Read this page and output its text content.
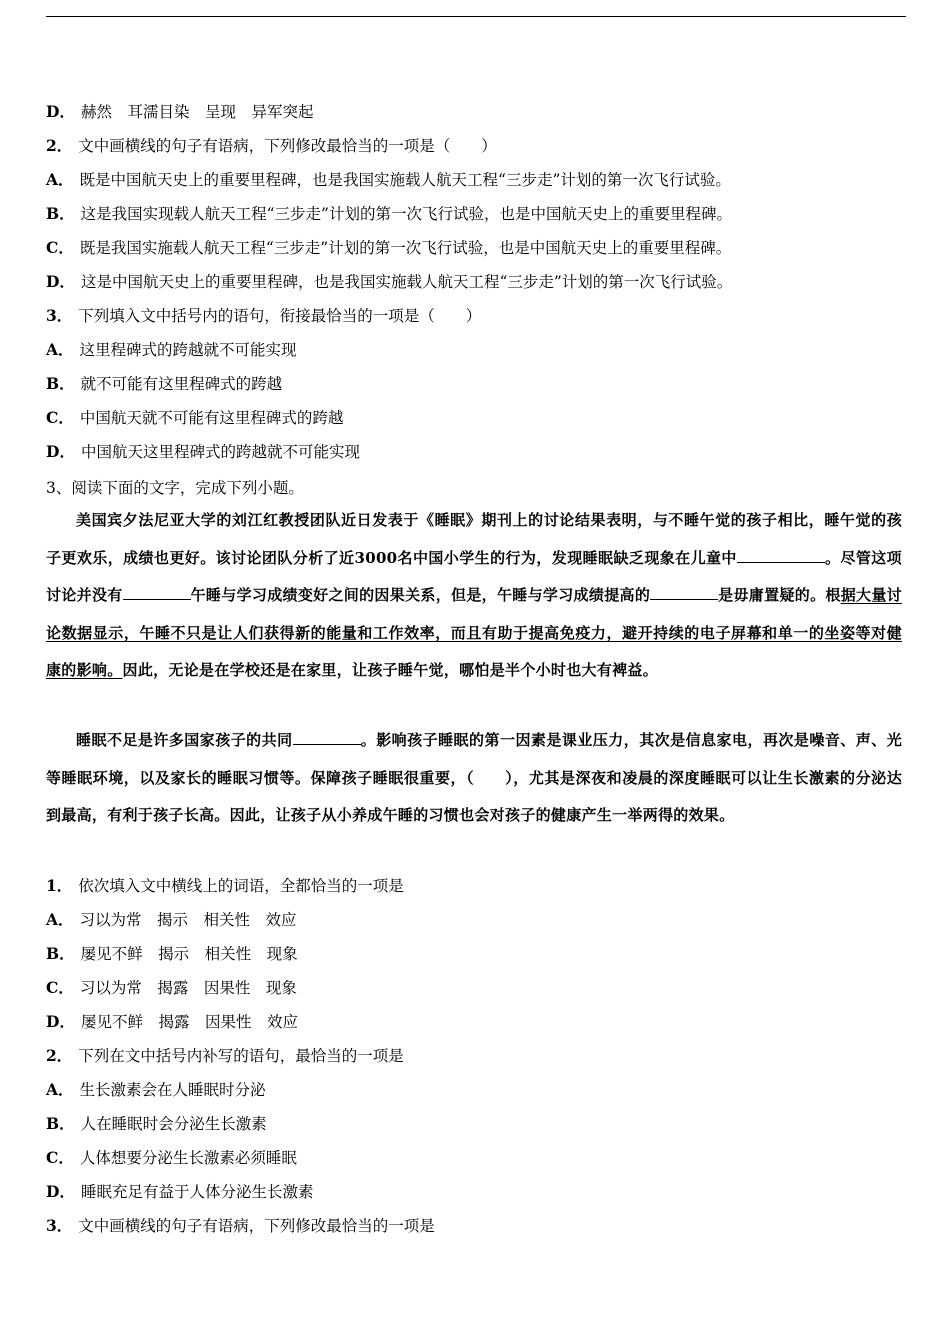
D． 赫然　耳濡目染　呈现　异军突起
2． 文中画横线的句子有语病，下列修改最恰当的一项是（　　）
A． 既是中国航天史上的重要里程碑，也是我国实施载人航天工程“三步走”计划的第一次飞行试验。
B． 这是我国实现载人航天工程“三步走”计划的第一次飞行试验，也是中国航天史上的重要里程碑。
C． 既是我国实施载人航天工程“三步走”计划的第一次飞行试验，也是中国航天史上的重要里程碑。
D． 这是中国航天史上的重要里程碑，也是我国实施载人航天工程“三步走”计划的第一次飞行试验。
3． 下列填入文中括号内的语句，衔接最恰当的一项是（　　）
A． 这里程碑式的跨越就不可能实现
B． 就不可能有这里程碑式的跨越
C． 中国航天就不可能有这里程碑式的跨越
D． 中国航天这里程碑式的跨越就不可能实现
3、阅读下面的文字，完成下列小题。
美国宾夕法尼亚大学的刘江红教授团队近日发表于《睡眠》期刊上的讨论结果表明，与不睡午觉的孩子相比，睡午觉的孩子更欢乐，成绩也更好。该讨论团队分析了近3000名中国小学生的行为，发现睡眠缺乏现象在儿童中	。尽管这项讨论并没有	午睡与学习成绩变好之间的因果关系，但是，午睡与学习成绩提高的	是毋庸置疑的。根据大量讨论数据显示，午睡不只是让人们获得新的能量和工作效率，而且有助于提高免疫力，避开持续的电子屏幕和单一的坐姿等对健康的影响。因此，无论是在学校还是在家里，让孩子睡午觉，哪怕是半个小时也大有裨益。
睡眠不足是许多国家孩子的共同	。影响孩子睡眠的第一因素是课业压力，其次是信息家电，再次是噪音、声、光等睡眠环境，以及家长的睡眠习惯等。保障孩子睡眠很重要，（　　），尤其是深夜和凌晨的深度睡眠可以让生长激素的分泌达到最高，有利于孩子长高。因此，让孩子从小养成午睡的习惯也会对孩子的健康产生一举两得的效果。
1． 依次填入文中横线上的词语，全都恰当的一项是
A． 习以为常　揭示　相关性　效应
B． 屡见不鲜　揭示　相关性　现象
C． 习以为常　揭露　因果性　现象
D． 屡见不鲜　揭露　因果性　效应
2． 下列在文中括号内补写的语句，最恰当的一项是
A． 生长激素会在人睡眠时分泌
B． 人在睡眠时会分泌生长激素
C． 人体想要分泌生长激素必须睡眠
D． 睡眠充足有益于人体分泌生长激素
3． 文中画横线的句子有语病，下列修改最恰当的一项是
